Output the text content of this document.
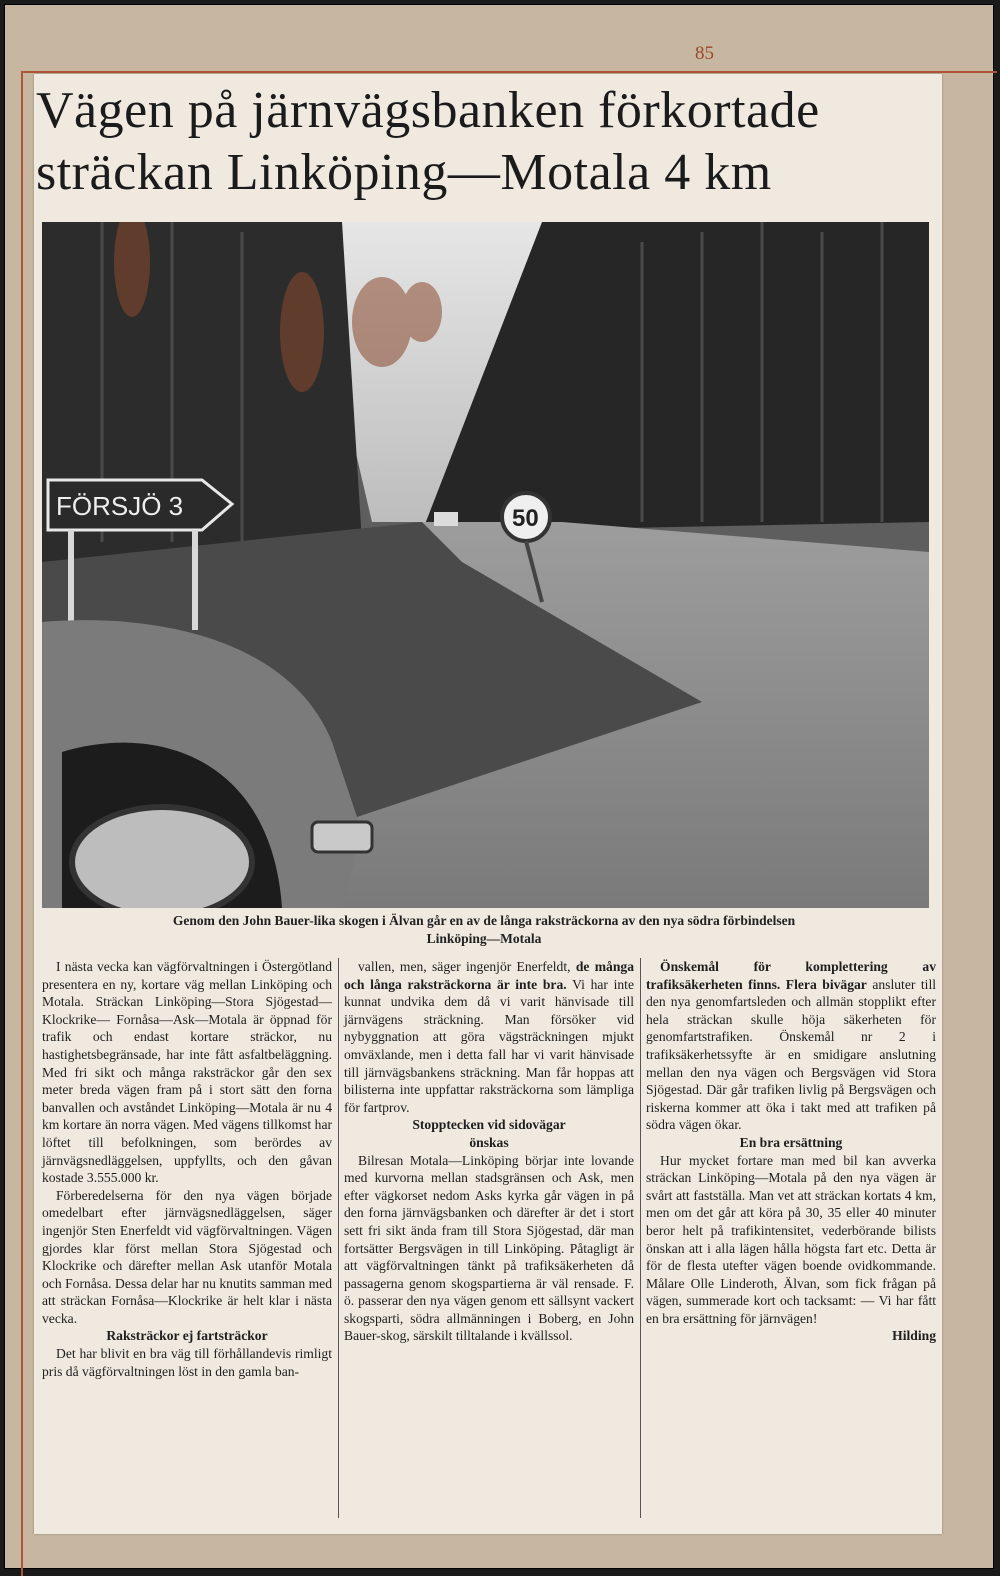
85
Vägen på järnvägsbanken förkortade
sträckan Linköping—Motala 4 km
FÖRSJÖ 3	50
Genom den John Bauer-lika skogen i Älvan går en av de långa raksträckorna av den nya södra förbindelsen
Linköping—Motala

I nästa vecka kan vägförvaltningen i Östergötland presentera en ny, kortare väg mellan Linköping och Motala. Sträckan Linköping—Stora Sjögestad— Klockrike— Fornåsa—Ask—Motala är öppnad för trafik och endast kortare sträckor, nu hastighetsbegränsade, har inte fått asfaltbeläggning. Med fri sikt och många raksträckor går den sex meter breda vägen fram på i stort sätt den forna banvallen och avståndet Linköping—Motala är nu 4 km kortare än norra vägen. Med vägens tillkomst har löftet till befolkningen, som berördes av järnvägsnedläggelsen, uppfyllts, och den gåvan kostade 3.555.000 kr.

Förberedelserna för den nya vägen började omedelbart efter järnvägsnedläggelsen, säger ingenjör Sten Enerfeldt vid vägförvaltningen. Vägen gjordes klar först mellan Stora Sjögestad och Klockrike och därefter mellan Ask utanför Motala och Fornåsa. Dessa delar har nu knutits samman med att sträckan Fornåsa—Klockrike är helt klar i nästa vecka.

Raksträckor ej fartsträckor

Det har blivit en bra väg till förhållandevis rimligt pris då vägförvaltningen löst in den gamla ban-

vallen, men, säger ingenjör Enerfeldt, de många och långa raksträckorna är inte bra. Vi har inte kunnat undvika dem då vi varit hänvisade till järnvägens sträckning. Man försöker vid nybyggnation att göra vägsträckningen mjukt omväxlande, men i detta fall har vi varit hänvisade till järnvägsbankens sträckning. Man får hoppas att bilisterna inte uppfattar raksträckorna som lämpliga för fartprov.

Stopptecken vid sidovägar
önskas

Bilresan Motala—Linköping börjar inte lovande med kurvorna mellan stadsgränsen och Ask, men efter vägkorset nedom Asks kyrka går vägen in på den forna järnvägsbanken och därefter är det i stort sett fri sikt ända fram till Stora Sjögestad, där man fortsätter Bergsvägen in till Linköping. Påtagligt är att vägförvaltningen tänkt på trafiksäkerheten då passagerna genom skogspartierna är väl rensade. F. ö. passerar den nya vägen genom ett sällsynt vackert skogsparti, södra allmänningen i Boberg, en John Bauer-skog, särskilt tilltalande i kvällssol.

Önskemål för komplettering av trafiksäkerheten finns. Flera bivägar ansluter till den nya genomfartsleden och allmän stopplikt efter hela sträckan skulle höja säkerheten för genomfartstrafiken. Önskemål nr 2 i trafiksäkerhetssyfte är en smidigare anslutning mellan den nya vägen och Bergsvägen vid Stora Sjögestad. Där går trafiken livlig på Bergsvägen och riskerna kommer att öka i takt med att trafiken på södra vägen ökar.

En bra ersättning

Hur mycket fortare man med bil kan avverka sträckan Linköping—Motala på den nya vägen är svårt att fastställa. Man vet att sträckan kortats 4 km, men om det går att köra på 30, 35 eller 40 minuter beror helt på trafikintensitet, vederbörande bilists önskan att i alla lägen hålla högsta fart etc. Detta är för de flesta utefter vägen boende ovidkommande. Målare Olle Linderoth, Älvan, som fick frågan på vägen, summerade kort och tacksamt: — Vi har fått en bra ersättning för järnvägen!

Hilding
